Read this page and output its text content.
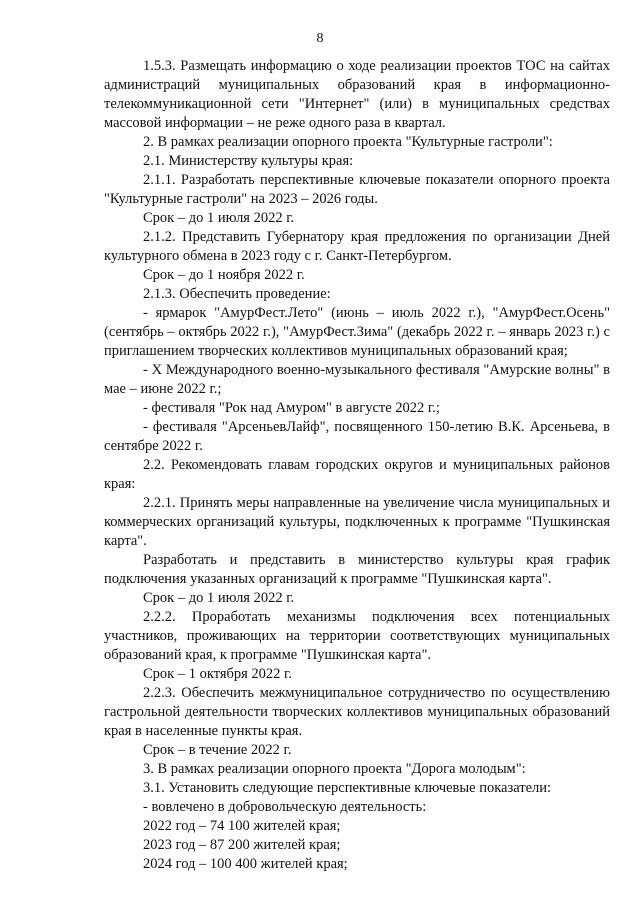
8

1.5.3. Размещать информацию о ходе реализации проектов ТОС на сайтах администраций муниципальных образований края в информационно-телекоммуникационной сети "Интернет" (или) в муниципальных средствах массовой информации – не реже одного раза в квартал.

2. В рамках реализации опорного проекта "Культурные гастроли":

2.1. Министерству культуры края:

2.1.1. Разработать перспективные ключевые показатели опорного проекта "Культурные гастроли" на 2023 – 2026 годы.

Срок – до 1 июля 2022 г.

2.1.2. Представить Губернатору края предложения по организации Дней культурного обмена в 2023 году с г. Санкт-Петербургом.

Срок – до 1 ноября 2022 г.

2.1.3. Обеспечить проведение:

- ярмарок "АмурФест.Лето" (июнь – июль 2022 г.), "АмурФест.Осень" (сентябрь – октябрь 2022 г.), "АмурФест.Зима" (декабрь 2022 г. – январь 2023 г.) с приглашением творческих коллективов муниципальных образований края;

- X Международного военно-музыкального фестиваля "Амурские волны" в мае – июне 2022 г.;

- фестиваля "Рок над Амуром" в августе 2022 г.;

- фестиваля "АрсеньевЛайф", посвященного 150-летию В.К. Арсеньева, в сентябре 2022 г.

2.2. Рекомендовать главам городских округов и муниципальных районов края:

2.2.1. Принять меры направленные на увеличение числа муниципальных и коммерческих организаций культуры, подключенных к программе "Пушкинская карта".

Разработать и представить в министерство культуры края график подключения указанных организаций к программе "Пушкинская карта".

Срок – до 1 июля 2022 г.

2.2.2. Проработать механизмы подключения всех потенциальных участников, проживающих на территории соответствующих муниципальных образований края, к программе "Пушкинская карта".

Срок – 1 октября 2022 г.

2.2.3. Обеспечить межмуниципальное сотрудничество по осуществлению гастрольной деятельности творческих коллективов муниципальных образований края в населенные пункты края.

Срок – в течение 2022 г.

3. В рамках реализации опорного проекта "Дорога молодым":

3.1. Установить следующие перспективные ключевые показатели:

- вовлечено в добровольческую деятельность:

2022 год – 74 100 жителей края;

2023 год – 87 200 жителей края;

2024 год – 100 400 жителей края;
